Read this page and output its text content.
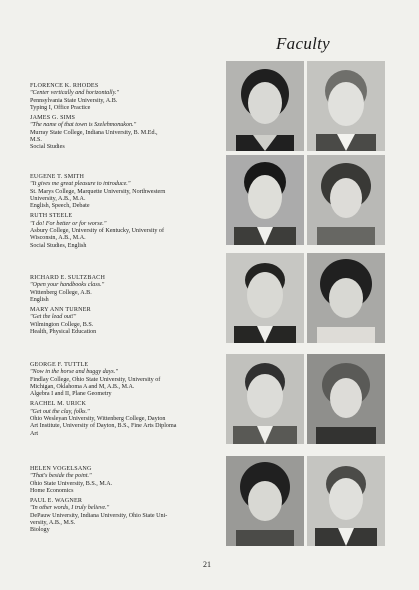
Faculty
FLORENCE K. RHODES
"Center vertically and horizontally."
Pennsylvania State University, A.B.
Typing I, Office Practice
JAMES G. SIMS
"The name of that town is Szelehmonukon."
Murray State College, Indiana University, B. M.Ed.,
M.S.
Social Studies
EUGENE T. SMITH
"It gives me great pleasure to introduce."
St. Marys College, Marquette University, Northwestern
University, A.B., M.A.
English, Speech, Debate
RUTH STEELE
"I do! For better or for worse."
Asbury College, University of Kentucky, University of
Wisconsin, A.B., M.A.
Social Studies, English
RICHARD E. SULTZBACH
"Open your handbooks class."
Wittenberg College, A.B.
English
MARY ANN TURNER
"Get the lead out!"
Wilmington College, B.S.
Health, Physical Education
GEORGE F. TUTTLE
"Now in the horse and buggy days."
Findlay College, Ohio State University, University of
Michigan, Oklahoma A and M, A.B., M.A.
Algebra I and II, Plane Geometry
RACHEL M. URICK
"Get out the clay, folks."
Ohio Wesleyan University, Wittenberg College, Dayton
Art Institute, University of Dayton, B.S., Fine Arts Diploma
Art
HELEN VOGELSANG
"That's beside the point."
Ohio State University, B.S., M.A.
Home Economics
PAUL E. WAGNER
"In other words, I truly believe."
DePauw University, Indiana University, Ohio State Uni-
versity, A.B., M.S.
Biology
21
